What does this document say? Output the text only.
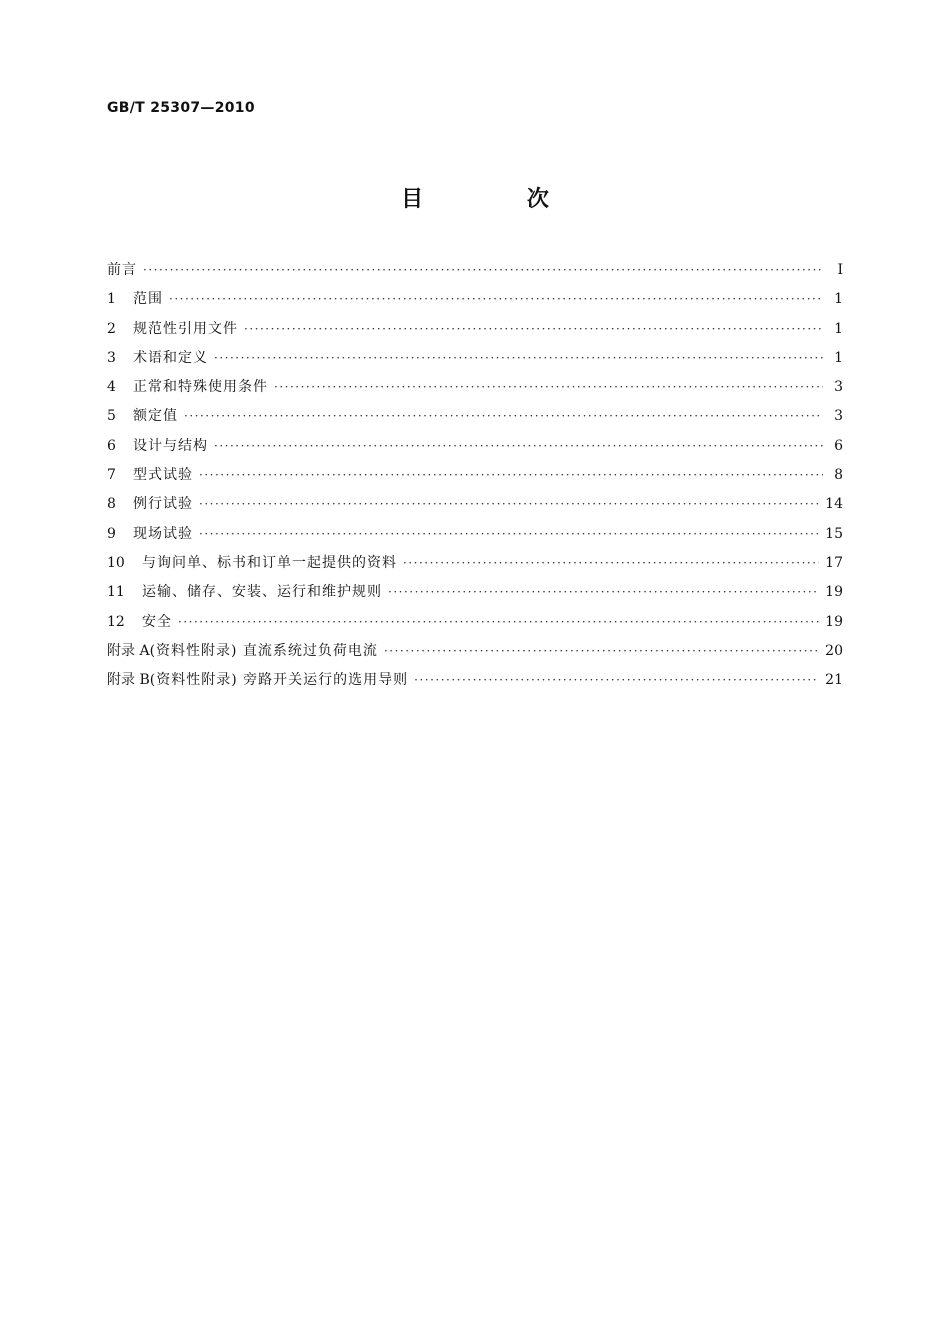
GB/T 25307—2010
目 次
前言 ·····	Ⅰ
1	范围 ·····	1
2	规范性引用文件 ·····	1
3	术语和定义 ·····	1
4	正常和特殊使用条件 ·····	3
5	额定值 ·····	3
6	设计与结构 ·····	6
7	型式试验 ·····	8
8	例行试验 ·····	14
9	现场试验 ·····	15
10	与询问单、标书和订单一起提供的资料 ·····	17
11	运输、储存、安装、运行和维护规则 ·····	19
12	安全 ·····	19
附录 A (资料性附录) 直流系统过负荷电流 ·····	20
附录 B (资料性附录) 旁路开关运行的选用导则 ·····	21
